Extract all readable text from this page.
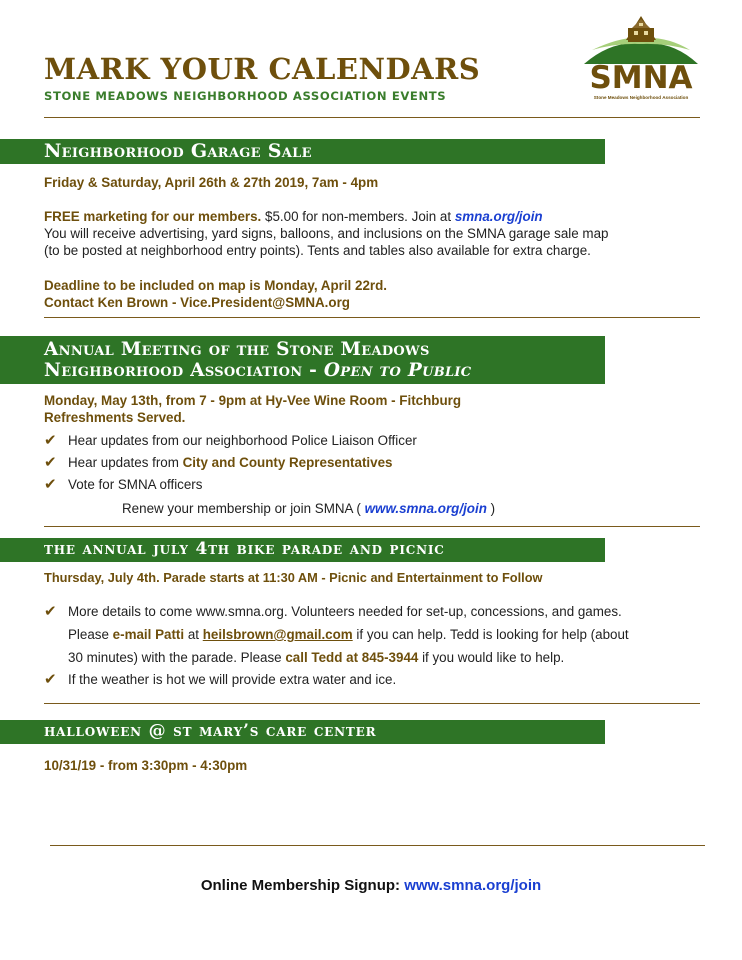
MARK YOUR CALENDARS
STONE MEADOWS NEIGHBORHOOD ASSOCIATION EVENTS	SMNA
Stone Meadows Neighborhood Association
Neighborhood Garage Sale
Friday & Saturday, April 26th & 27th 2019, 7am - 4pm
FREE marketing for our members. $5.00 for non-members. Join at smna.org/join
You will receive advertising, yard signs, balloons, and inclusions on the SMNA garage sale map
(to be posted at neighborhood entry points). Tents and tables also available for extra charge.
Deadline to be included on map is Monday, April 22rd.
Contact Ken Brown - Vice.President@SMNA.org
Annual Meeting of the Stone Meadows
Neighborhood Association - Open to Public
Monday, May 13th, from 7 - 9pm at Hy-Vee Wine Room - Fitchburg
Refreshments Served.
✔ Hear updates from our neighborhood Police Liaison Officer
✔ Hear updates from City and County Representatives
✔ Vote for SMNA officers
Renew your membership or join SMNA ( www.smna.org/join )
the annual july 4th bike parade and picnic
Thursday, July 4th. Parade starts at 11:30 AM - Picnic and Entertainment to Follow
✔ More details to come www.smna.org. Volunteers needed for set-up, concessions, and games.
Please e-mail Patti at heilsbrown@gmail.com if you can help. Tedd is looking for help (about
30 minutes) with the parade. Please call Tedd at 845-3944 if you would like to help.
✔ If the weather is hot we will provide extra water and ice.
halloween @ st mary’s care center
10/31/19 - from 3:30pm - 4:30pm
Online Membership Signup: www.smna.org/join
